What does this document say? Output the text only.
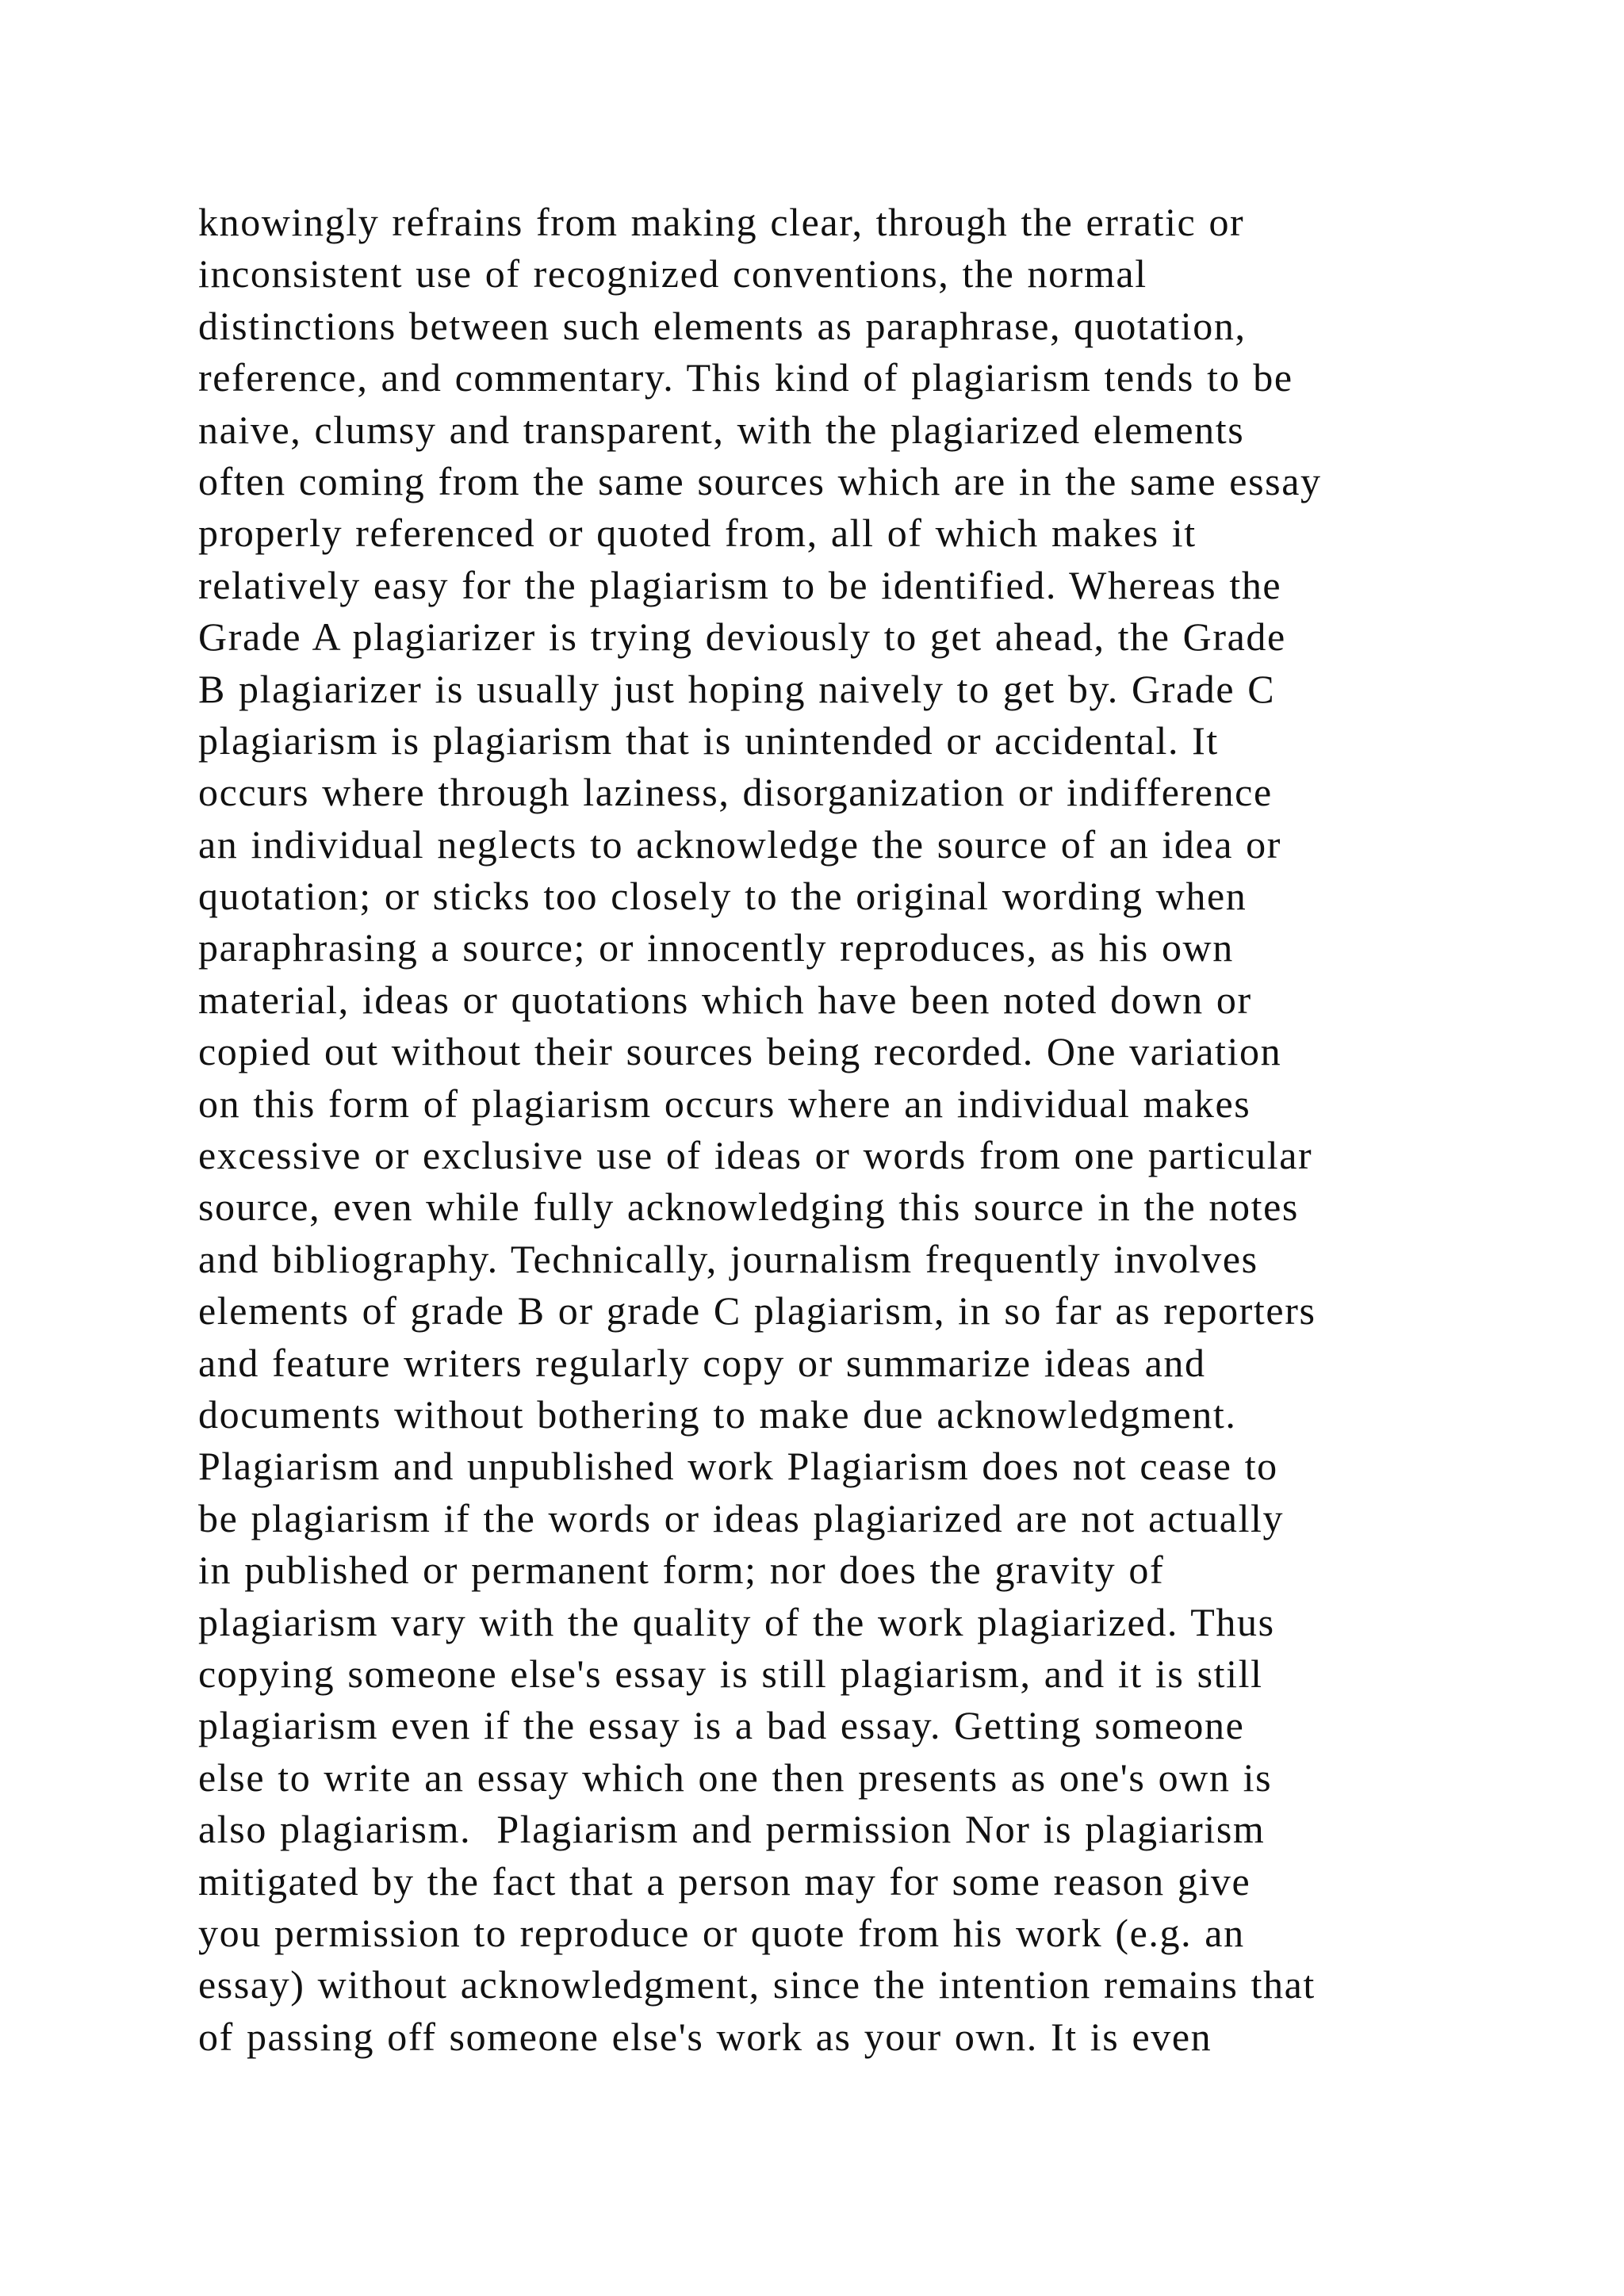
knowingly refrains from making clear, through the erratic or
inconsistent use of recognized conventions, the normal
distinctions between such elements as paraphrase, quotation,
reference, and commentary. This kind of plagiarism tends to be
naive, clumsy and transparent, with the plagiarized elements
often coming from the same sources which are in the same essay
properly referenced or quoted from, all of which makes it
relatively easy for the plagiarism to be identified. Whereas the
Grade A plagiarizer is trying deviously to get ahead, the Grade
B plagiarizer is usually just hoping naively to get by. Grade C
plagiarism is plagiarism that is unintended or accidental. It
occurs where through laziness, disorganization or indifference
an individual neglects to acknowledge the source of an idea or
quotation; or sticks too closely to the original wording when
paraphrasing a source; or innocently reproduces, as his own
material, ideas or quotations which have been noted down or
copied out without their sources being recorded. One variation
on this form of plagiarism occurs where an individual makes
excessive or exclusive use of ideas or words from one particular
source, even while fully acknowledging this source in the notes
and bibliography. Technically, journalism frequently involves
elements of grade B or grade C plagiarism, in so far as reporters
and feature writers regularly copy or summarize ideas and
documents without bothering to make due acknowledgment.
Plagiarism and unpublished work Plagiarism does not cease to
be plagiarism if the words or ideas plagiarized are not actually
in published or permanent form; nor does the gravity of
plagiarism vary with the quality of the work plagiarized. Thus
copying someone else's essay is still plagiarism, and it is still
plagiarism even if the essay is a bad essay. Getting someone
else to write an essay which one then presents as one's own is
also plagiarism.  Plagiarism and permission Nor is plagiarism
mitigated by the fact that a person may for some reason give
you permission to reproduce or quote from his work (e.g. an
essay) without acknowledgment, since the intention remains that
of passing off someone else's work as your own. It is even
